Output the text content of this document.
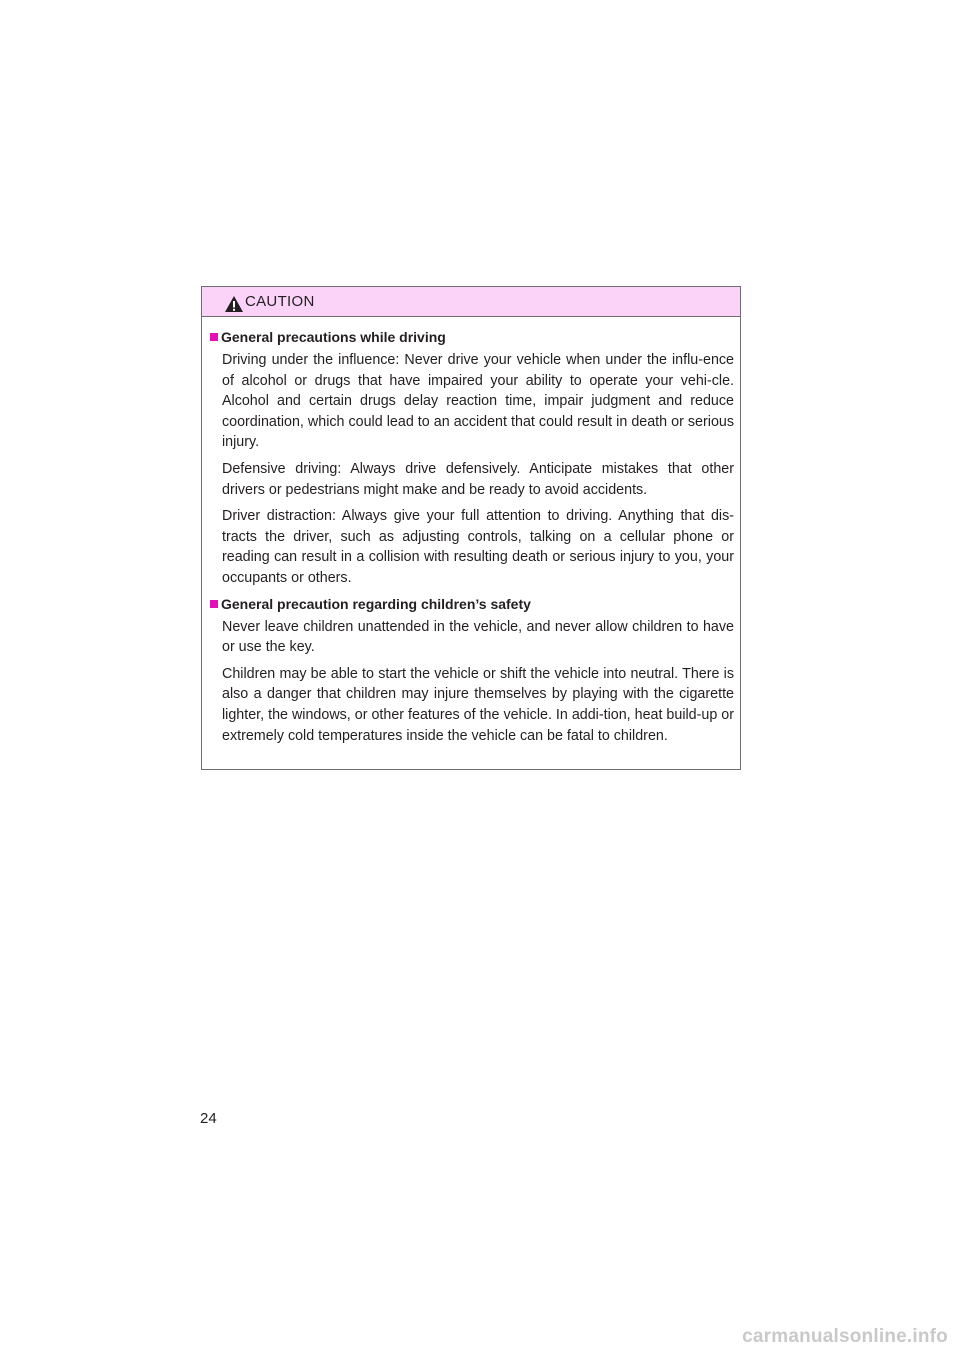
CAUTION
General precautions while driving

Driving under the influence: Never drive your vehicle when under the influ-ence of alcohol or drugs that have impaired your ability to operate your vehi-cle. Alcohol and certain drugs delay reaction time, impair judgment and reduce coordination, which could lead to an accident that could result in death or serious injury.

Defensive driving: Always drive defensively. Anticipate mistakes that other drivers or pedestrians might make and be ready to avoid accidents.

Driver distraction: Always give your full attention to driving. Anything that dis-tracts the driver, such as adjusting controls, talking on a cellular phone or reading can result in a collision with resulting death or serious injury to you, your occupants or others.

General precaution regarding children’s safety

Never leave children unattended in the vehicle, and never allow children to have or use the key.

Children may be able to start the vehicle or shift the vehicle into neutral. There is also a danger that children may injure themselves by playing with the cigarette lighter, the windows, or other features of the vehicle. In addi-tion, heat build-up or extremely cold temperatures inside the vehicle can be fatal to children.

24
carmanualsonline.info
